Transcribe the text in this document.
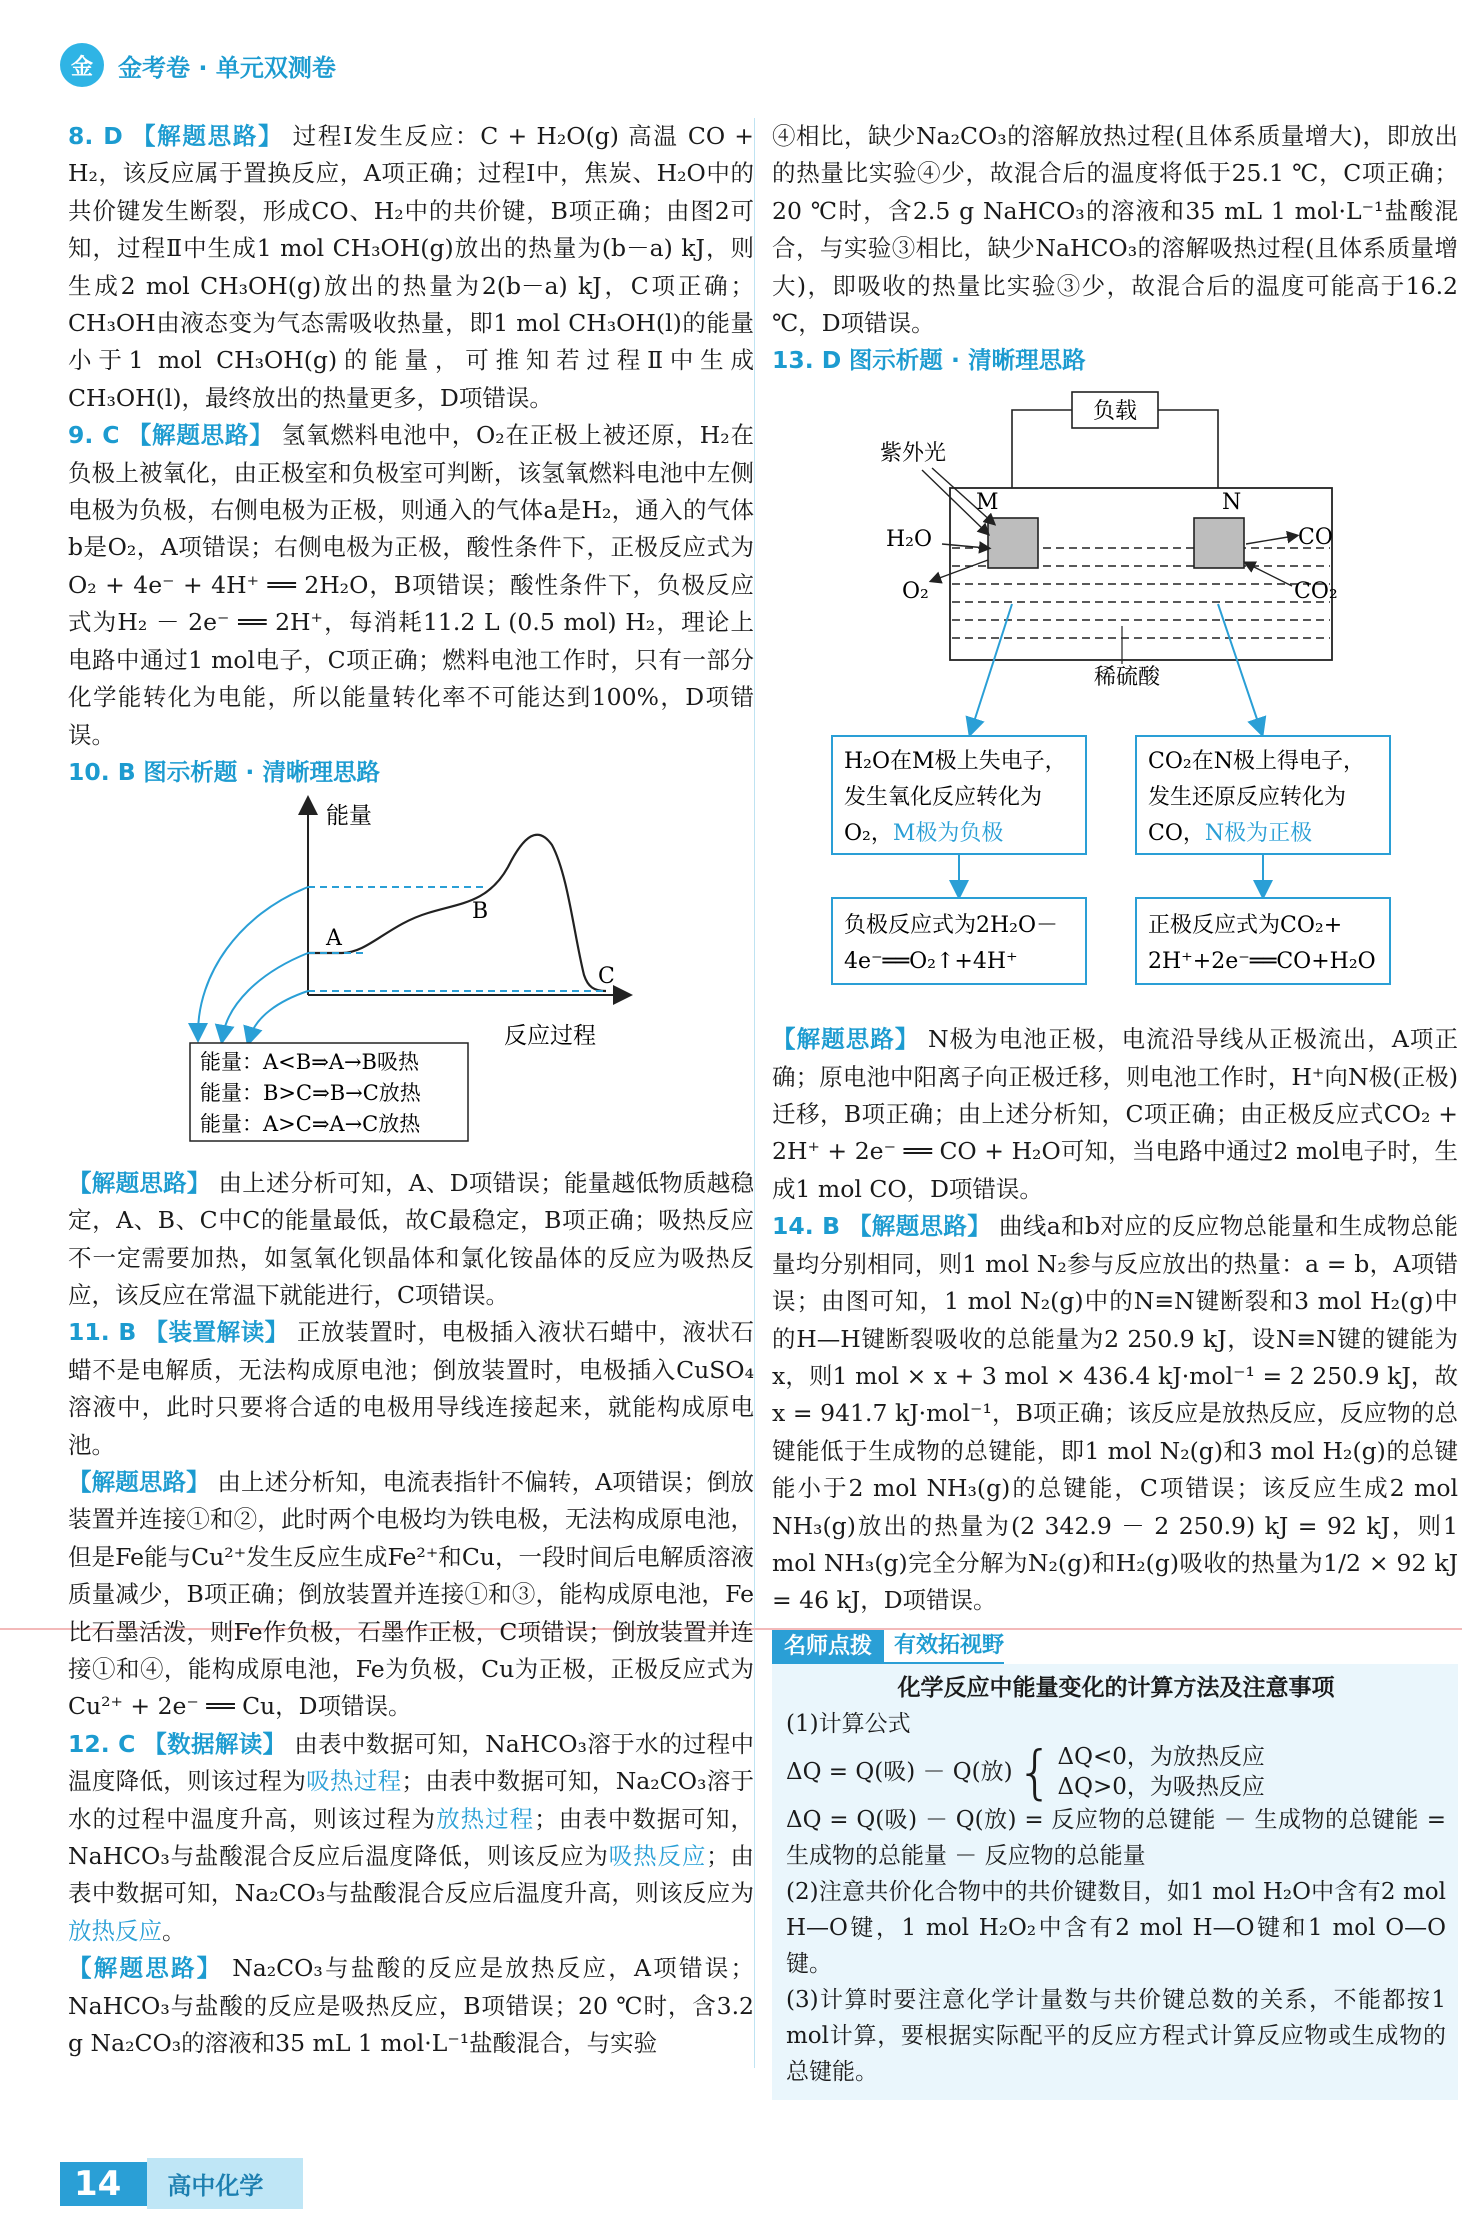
金	金考卷 · 单元双测卷

8. D 【解题思路】 过程Ⅰ发生反应：C + H₂O(g) 高温 CO + H₂，该反应属于置换反应，A项正确；过程Ⅰ中，焦炭、H₂O中的共价键发生断裂，形成CO、H₂中的共价键，B项正确；由图2可知，过程Ⅱ中生成1 mol CH₃OH(g)放出的热量为(b－a) kJ，则生成2 mol CH₃OH(g)放出的热量为2(b－a) kJ，C项正确；CH₃OH由液态变为气态需吸收热量，即1 mol CH₃OH(l)的能量小于1 mol CH₃OH(g)的能量，可推知若过程Ⅱ中生成CH₃OH(l)，最终放出的热量更多，D项错误。

9. C 【解题思路】 氢氧燃料电池中，O₂在正极上被还原，H₂在负极上被氧化，由正极室和负极室可判断，该氢氧燃料电池中左侧电极为负极，右侧电极为正极，则通入的气体a是H₂，通入的气体b是O₂，A项错误；右侧电极为正极，酸性条件下，正极反应式为O₂ + 4e⁻ + 4H⁺ ══ 2H₂O，B项错误；酸性条件下，负极反应式为H₂ － 2e⁻ ══ 2H⁺，每消耗11.2 L (0.5 mol) H₂，理论上电路中通过1 mol电子，C项正确；燃料电池工作时，只有一部分化学能转化为电能，所以能量转化率不可能达到100%，D项错误。

10. B 图示析题 · 清晰理思路

能量
反应过程
A
B
C
能量：A<B⇒A→B吸热
能量：B>C⇒B→C放热
能量：A>C⇒A→C放热

【解题思路】 由上述分析可知，A、D项错误；能量越低物质越稳定，A、B、C中C的能量最低，故C最稳定，B项正确；吸热反应不一定需要加热，如氢氧化钡晶体和氯化铵晶体的反应为吸热反应，该反应在常温下就能进行，C项错误。

11. B 【装置解读】 正放装置时，电极插入液状石蜡中，液状石蜡不是电解质，无法构成原电池；倒放装置时，电极插入CuSO₄溶液中，此时只要将合适的电极用导线连接起来，就能构成原电池。

【解题思路】 由上述分析知，电流表指针不偏转，A项错误；倒放装置并连接①和②，此时两个电极均为铁电极，无法构成原电池，但是Fe能与Cu²⁺发生反应生成Fe²⁺和Cu，一段时间后电解质溶液质量减少，B项正确；倒放装置并连接①和③，能构成原电池，Fe比石墨活泼，则Fe作负极，石墨作正极，C项错误；倒放装置并连接①和④，能构成原电池，Fe为负极，Cu为正极，正极反应式为Cu²⁺ + 2e⁻ ══ Cu，D项错误。

12. C 【数据解读】 由表中数据可知，NaHCO₃溶于水的过程中温度降低，则该过程为吸热过程；由表中数据可知，Na₂CO₃溶于水的过程中温度升高，则该过程为放热过程；由表中数据可知，NaHCO₃与盐酸混合反应后温度降低，则该反应为吸热反应；由表中数据可知，Na₂CO₃与盐酸混合反应后温度升高，则该反应为放热反应。

【解题思路】 Na₂CO₃与盐酸的反应是放热反应，A项错误；NaHCO₃与盐酸的反应是吸热反应，B项错误；20 ℃时，含3.2 g Na₂CO₃的溶液和35 mL 1 mol·L⁻¹盐酸混合，与实验

④相比，缺少Na₂CO₃的溶解放热过程(且体系质量增大)，即放出的热量比实验④少，故混合后的温度将低于25.1 ℃，C项正确；20 ℃时，含2.5 g NaHCO₃的溶液和35 mL 1 mol·L⁻¹盐酸混合，与实验③相比，缺少NaHCO₃的溶解吸热过程(且体系质量增大)，即吸收的热量比实验③少，故混合后的温度可能高于16.2 ℃，D项错误。

13. D 图示析题 · 清晰理思路

负载
M	N
紫外光
H₂O
O₂
CO
CO₂
稀硫酸
H₂O在M极上失电子，
发生氧化反应转化为
O₂，M极为负极
CO₂在N极上得电子，
发生还原反应转化为
CO，N极为正极
负极反应式为2H₂O－
4e⁻══O₂↑+4H⁺
正极反应式为CO₂+
2H⁺+2e⁻══CO+H₂O

【解题思路】 N极为电池正极，电流沿导线从正极流出，A项正确；原电池中阳离子向正极迁移，则电池工作时，H⁺向N极(正极)迁移，B项正确；由上述分析知，C项正确；由正极反应式CO₂ + 2H⁺ + 2e⁻ ══ CO + H₂O可知，当电路中通过2 mol电子时，生成1 mol CO，D项错误。

14. B 【解题思路】 曲线a和b对应的反应物总能量和生成物总能量均分别相同，则1 mol N₂参与反应放出的热量：a = b，A项错误；由图可知，1 mol N₂(g)中的N≡N键断裂和3 mol H₂(g)中的H—H键断裂吸收的总能量为2 250.9 kJ，设N≡N键的键能为x，则1 mol × x + 3 mol × 436.4 kJ·mol⁻¹ = 2 250.9 kJ，故x = 941.7 kJ·mol⁻¹，B项正确；该反应是放热反应，反应物的总键能低于生成物的总键能，即1 mol N₂(g)和3 mol H₂(g)的总键能小于2 mol NH₃(g)的总键能，C项错误；该反应生成2 mol NH₃(g)放出的热量为(2 342.9 － 2 250.9) kJ = 92 kJ，则1 mol NH₃(g)完全分解为N₂(g)和H₂(g)吸收的热量为1/2 × 92 kJ = 46 kJ，D项错误。

名师点拨	有效拓视野
化学反应中能量变化的计算方法及注意事项
(1)计算公式
ΔQ = Q(吸) － Q(放) { ΔQ<0，为放热反应
ΔQ>0，为吸热反应
ΔQ = Q(吸) － Q(放) = 反应物的总键能 － 生成物的总键能 = 生成物的总能量 － 反应物的总能量
(2)注意共价化合物中的共价键数目，如1 mol H₂O中含有2 mol H—O键，1 mol H₂O₂中含有2 mol H—O键和1 mol O—O键。
(3)计算时要注意化学计量数与共价键总数的关系，不能都按1 mol计算，要根据实际配平的反应方程式计算反应物或生成物的总键能。
14	高中化学
